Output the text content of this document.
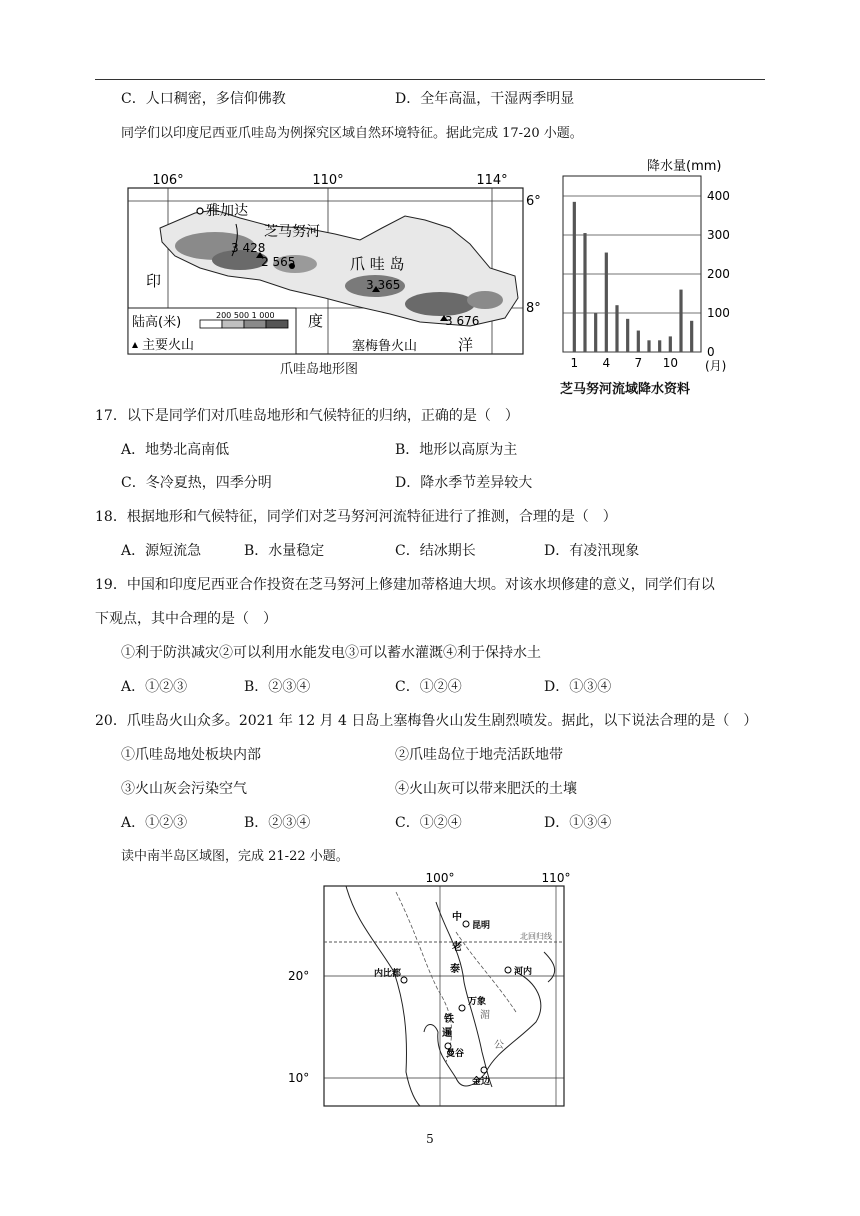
C．人口稠密，多信仰佛教	D．全年高温，干湿两季明显
同学们以印度尼西亚爪哇岛为例探究区域自然环境特征。据此完成 17-20 小题。
106°	110°	114°
6°
8°
雅加达
芝马努河
爪 哇 岛
印
度
洋
塞梅鲁火山
3 428
2 565
3 365
3 676
陆高(米)	200 500 1 000
主要火山
爪哇岛地形图
降水量(mm)
0
100
200
300
400
1 4 7 10 (月)
芝马努河流域降水资料
17．以下是同学们对爪哇岛地形和气候特征的归纳，正确的是（　）
A．地势北高南低	B．地形以高原为主
C．冬冷夏热，四季分明	D．降水季节差异较大
18．根据地形和气候特征，同学们对芝马努河河流特征进行了推测，合理的是（　）
A．源短流急	B．水量稳定	C．结冰期长	D．有凌汛现象
19．中国和印度尼西亚合作投资在芝马努河上修建加蒂格迪大坝。对该水坝修建的意义，同学们有以
下观点，其中合理的是（　）
①利于防洪减灾②可以利用水能发电③可以蓄水灌溉④利于保持水土
A．①②③	B．②③④	C．①②④	D．①③④
20．爪哇岛火山众多。2021 年 12 月 4 日岛上塞梅鲁火山发生剧烈喷发。据此，以下说法合理的是（　）
①爪哇岛地处板块内部	②爪哇岛位于地壳活跃地带
③火山灰会污染空气	④火山灰可以带来肥沃的土壤
A．①②③	B．②③④	C．①②④	D．①③④
读中南半岛区域图，完成 21-22 小题。
100°	110°
20°
10°
中
昆明
北回归线
老
内比都	泰	河内
万象
湄
铁
暹
曼谷
公
金边
5
